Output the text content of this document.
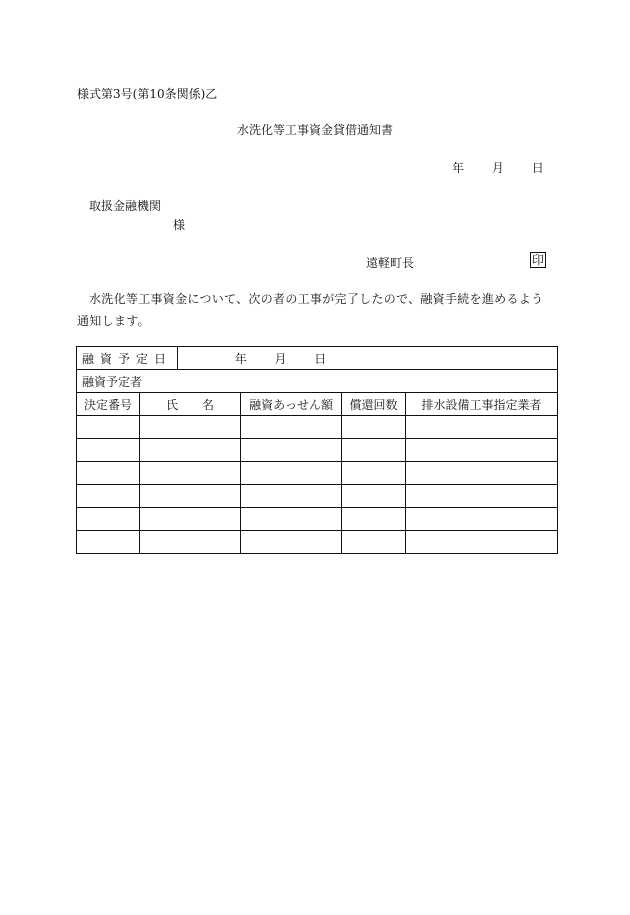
様式第3号(第10条関係)乙
水洗化等工事資金貸借通知書
年 月 日
取扱金融機関
様
遠軽町長	印
水洗化等工事資金について、次の者の工事が完了したので、融資手続を進めるよう通知します。
融資予定日		年 月 日			
融資予定者					
決定番号	氏　　名		融資あっせん額	償還回数	排水設備工事指定業者
